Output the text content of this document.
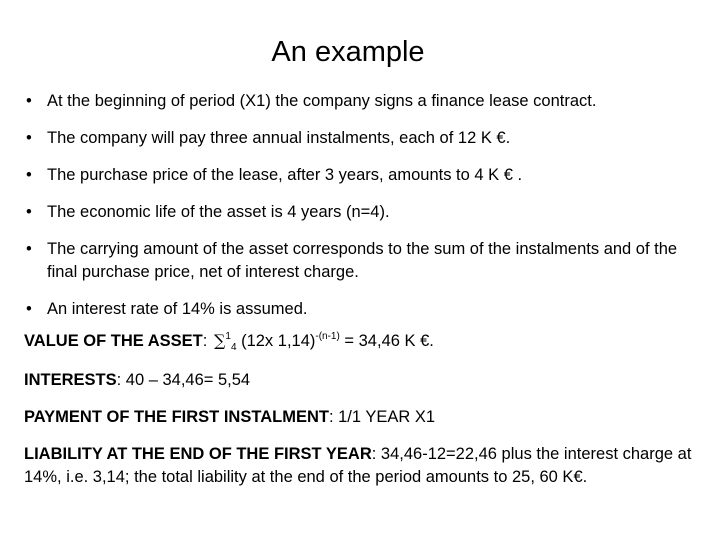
An example
• At the beginning of period (X1) the company signs a finance lease contract.
• The company will pay three annual instalments, each of 12 K €.
• The purchase price of the lease, after 3 years, amounts to 4 K € .
• The economic life of the asset is 4 years (n=4).
• The carrying amount of the asset corresponds to the sum of the instalments and of the final purchase price, net of interest charge.
• An interest rate of 14% is assumed.

VALUE OF THE ASSET: ∑$^1_4$ (12x 1,14)$^{-(n-1)}$ = 34,46 K €.

INTERESTS: 40 – 34,46= 5,54

PAYMENT OF THE FIRST INSTALMENT: 1/1 YEAR X1

LIABILITY AT THE END OF THE FIRST YEAR: 34,46-12=22,46 plus the interest charge at 14%, i.e. 3,14; the total liability at the end of the period amounts to 25, 60 K€.
